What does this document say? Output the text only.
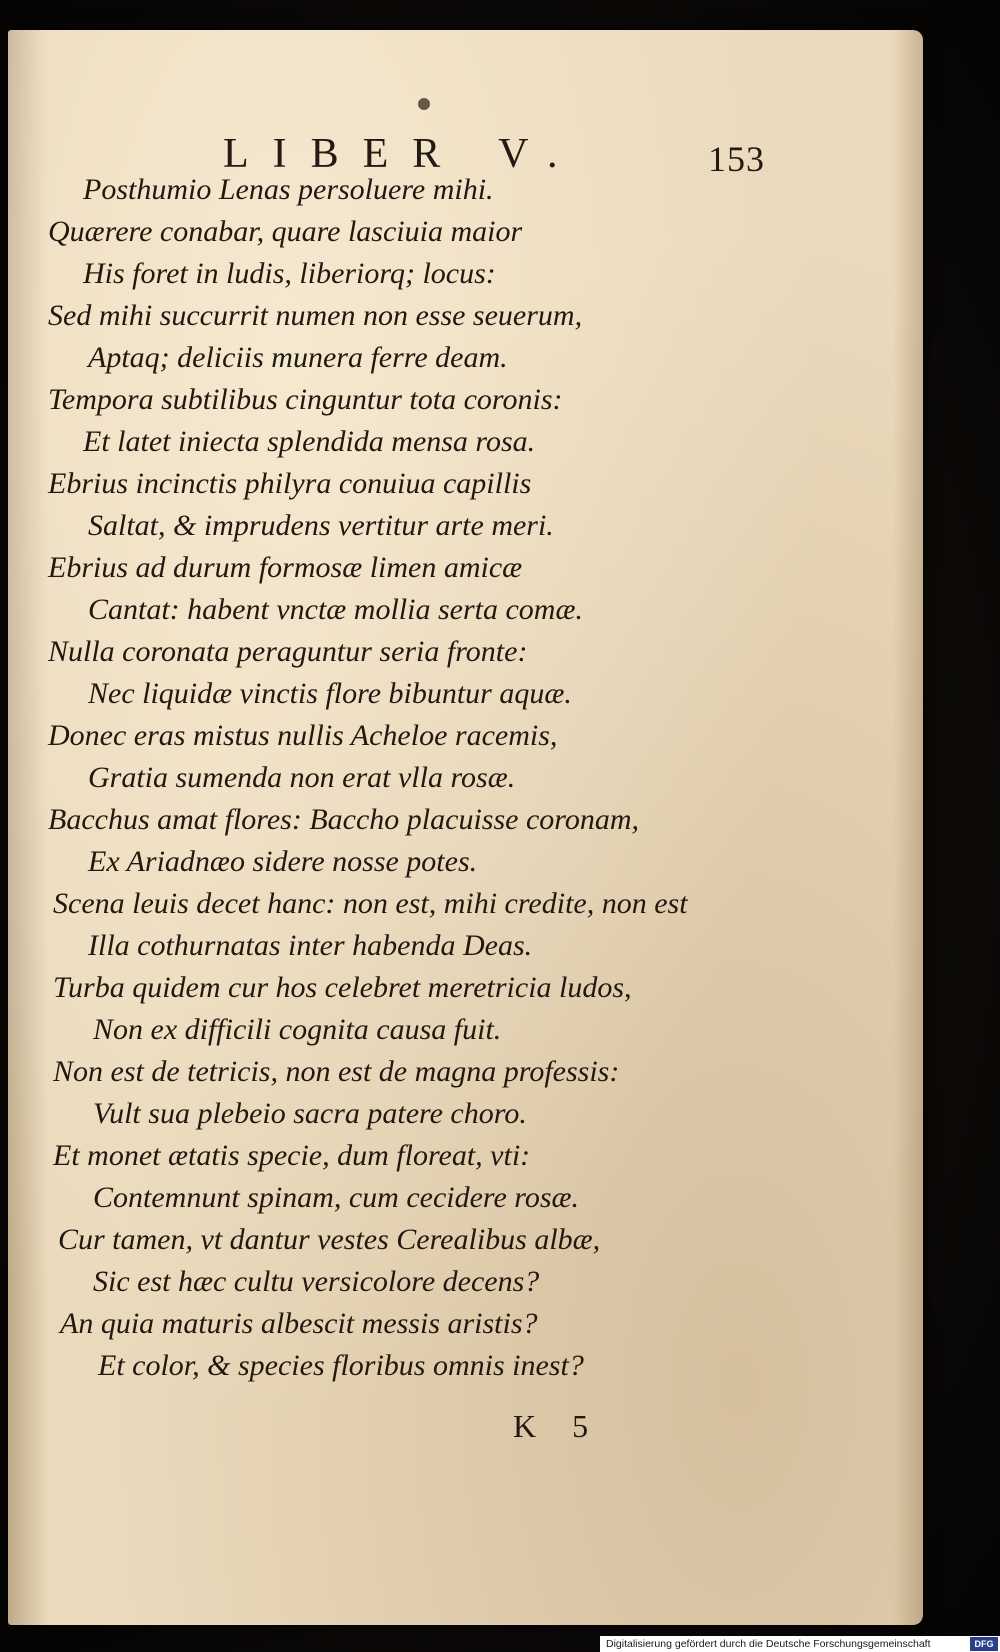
LIBER V.	153
Posthumio Lenas persoluere mihi.
Quærere conabar, quare lasciuia maior
His foret in ludis, liberiorq; locus:
Sed mihi succurrit numen non esse seuerum,
Aptaq; deliciis munera ferre deam.
Tempora subtilibus cinguntur tota coronis:
Et latet iniecta splendida mensa rosa.
Ebrius incinctis philyra conuiua capillis
Saltat, & imprudens vertitur arte meri.
Ebrius ad durum formosæ limen amicæ
Cantat: habent vnctæ mollia serta comæ.
Nulla coronata peraguntur seria fronte:
Nec liquidæ vinctis flore bibuntur aquæ.
Donec eras mistus nullis Acheloe racemis,
Gratia sumenda non erat vlla rosæ.
Bacchus amat flores: Baccho placuisse coronam,
Ex Ariadnæo sidere nosse potes.
Scena leuis decet hanc: non est, mihi credite, non est
Illa cothurnatas inter habenda Deas.
Turba quidem cur hos celebret meretricia ludos,
Non ex difficili cognita causa fuit.
Non est de tetricis, non est de magna professis:
Vult sua plebeio sacra patere choro.
Et monet ætatis specie, dum floreat, vti:
Contemnunt spinam, cum cecidere rosæ.
Cur tamen, vt dantur vestes Cerealibus albæ,
Sic est hæc cultu versicolore decens?
An quia maturis albescit messis aristis?
Et color, & species floribus omnis inest?
K 5
Digitalisierung gefördert durch die Deutsche Forschungsgemeinschaft	DFG
